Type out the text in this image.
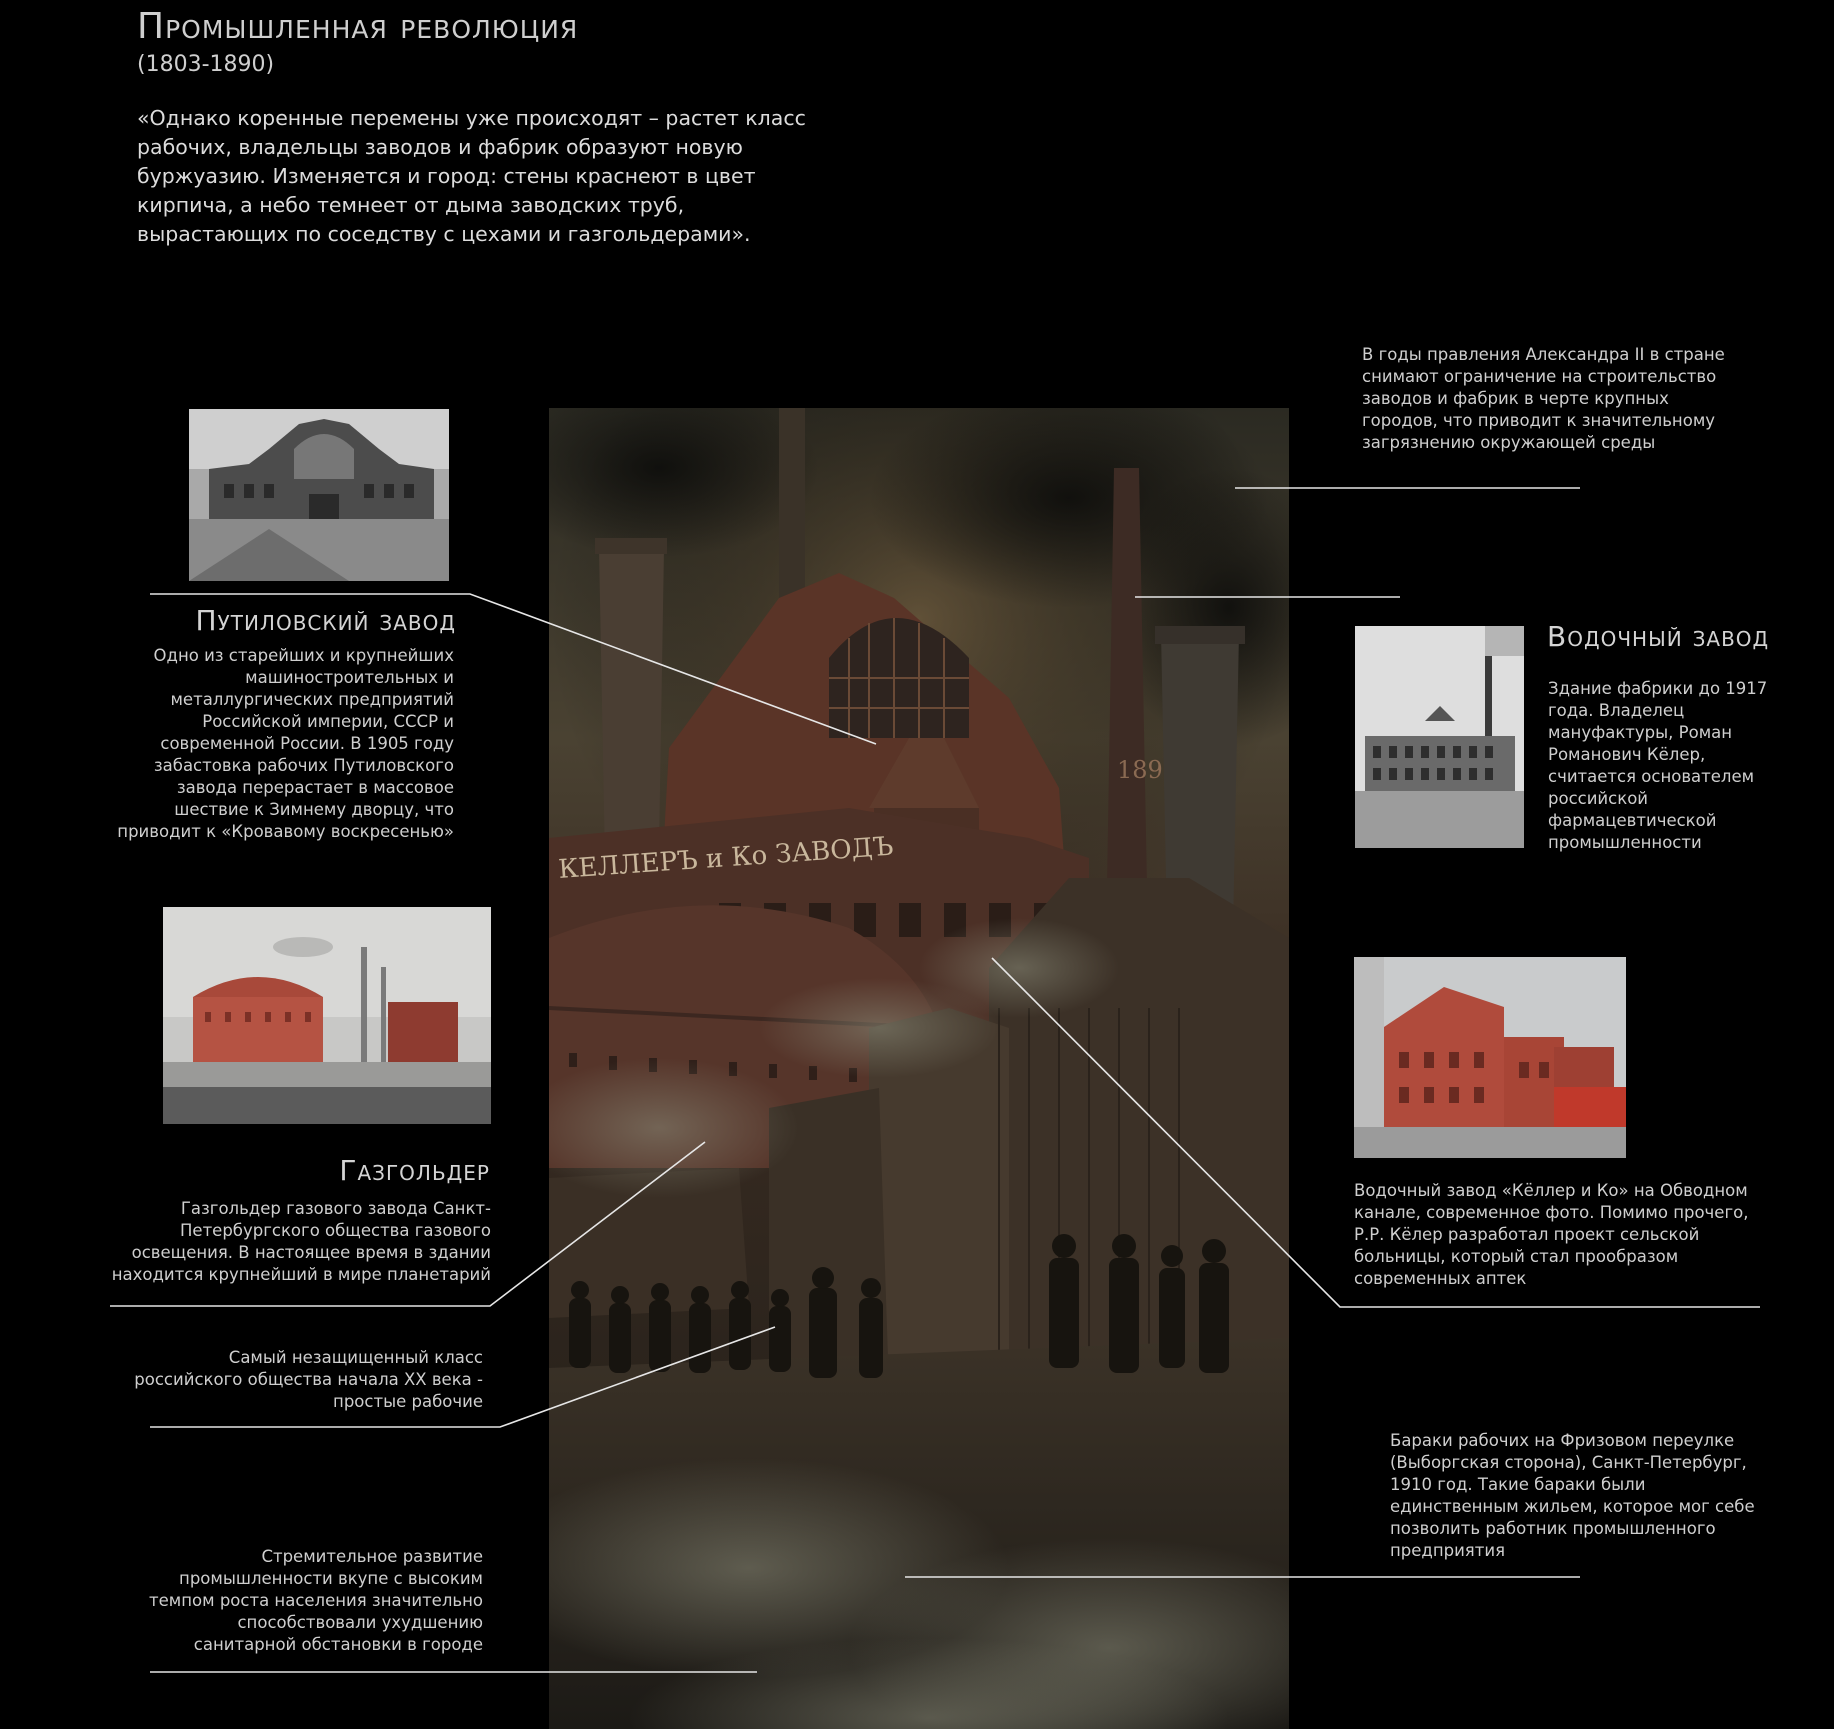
Промышленная революция
(1803-1890)
«Однако коренные перемены уже происходят – растет класс рабочих, владельцы заводов и фабрик образуют новую буржуазию. Изменяется и город: стены краснеют в цвет кирпича, а небо темнеет от дыма заводских труб, вырастающих по соседству с цехами и газгольдерами».
189
КЕЛЛЕРЪ и Ко ЗАВОДЪ
В годы правления Александра II в стране снимают ограничение на строительство заводов и фабрик в черте крупных городов, что приводит к значительному загрязнению окружающей среды
Путиловский завод
Одно из старейших и крупнейших машиностроительных и металлургических предприятий Российской империи, СССР и современной России. В 1905 году забастовка рабочих Путиловского завода перерастает в массовое шествие к Зимнему дворцу, что приводит к «Кровавому воскресенью»
Водочный завод
Здание фабрики до 1917 года. Владелец мануфактуры, Роман Романович Кёлер, считается основателем российской фармацевтической промышленности
Газгольдер
Газгольдер газового завода Санкт-Петербургского общества газового освещения. В настоящее время в здании находится крупнейший в мире планетарий
Водочный завод «Кёллер и Ко» на Обводном канале, современное фото. Помимо прочего, Р.Р. Кёлер разработал проект сельской больницы, который стал прообразом современных аптек
Самый незащищенный класс российского общества начала XX века - простые рабочие
Бараки рабочих на Фризовом переулке (Выборгская сторона), Санкт-Петербург, 1910 год. Такие бараки были единственным жильем, которое мог себе позволить работник промышленного предприятия
Стремительное развитие промышленности вкупе с высоким темпом роста населения значительно способствовали ухудшению санитарной обстановки в городе
